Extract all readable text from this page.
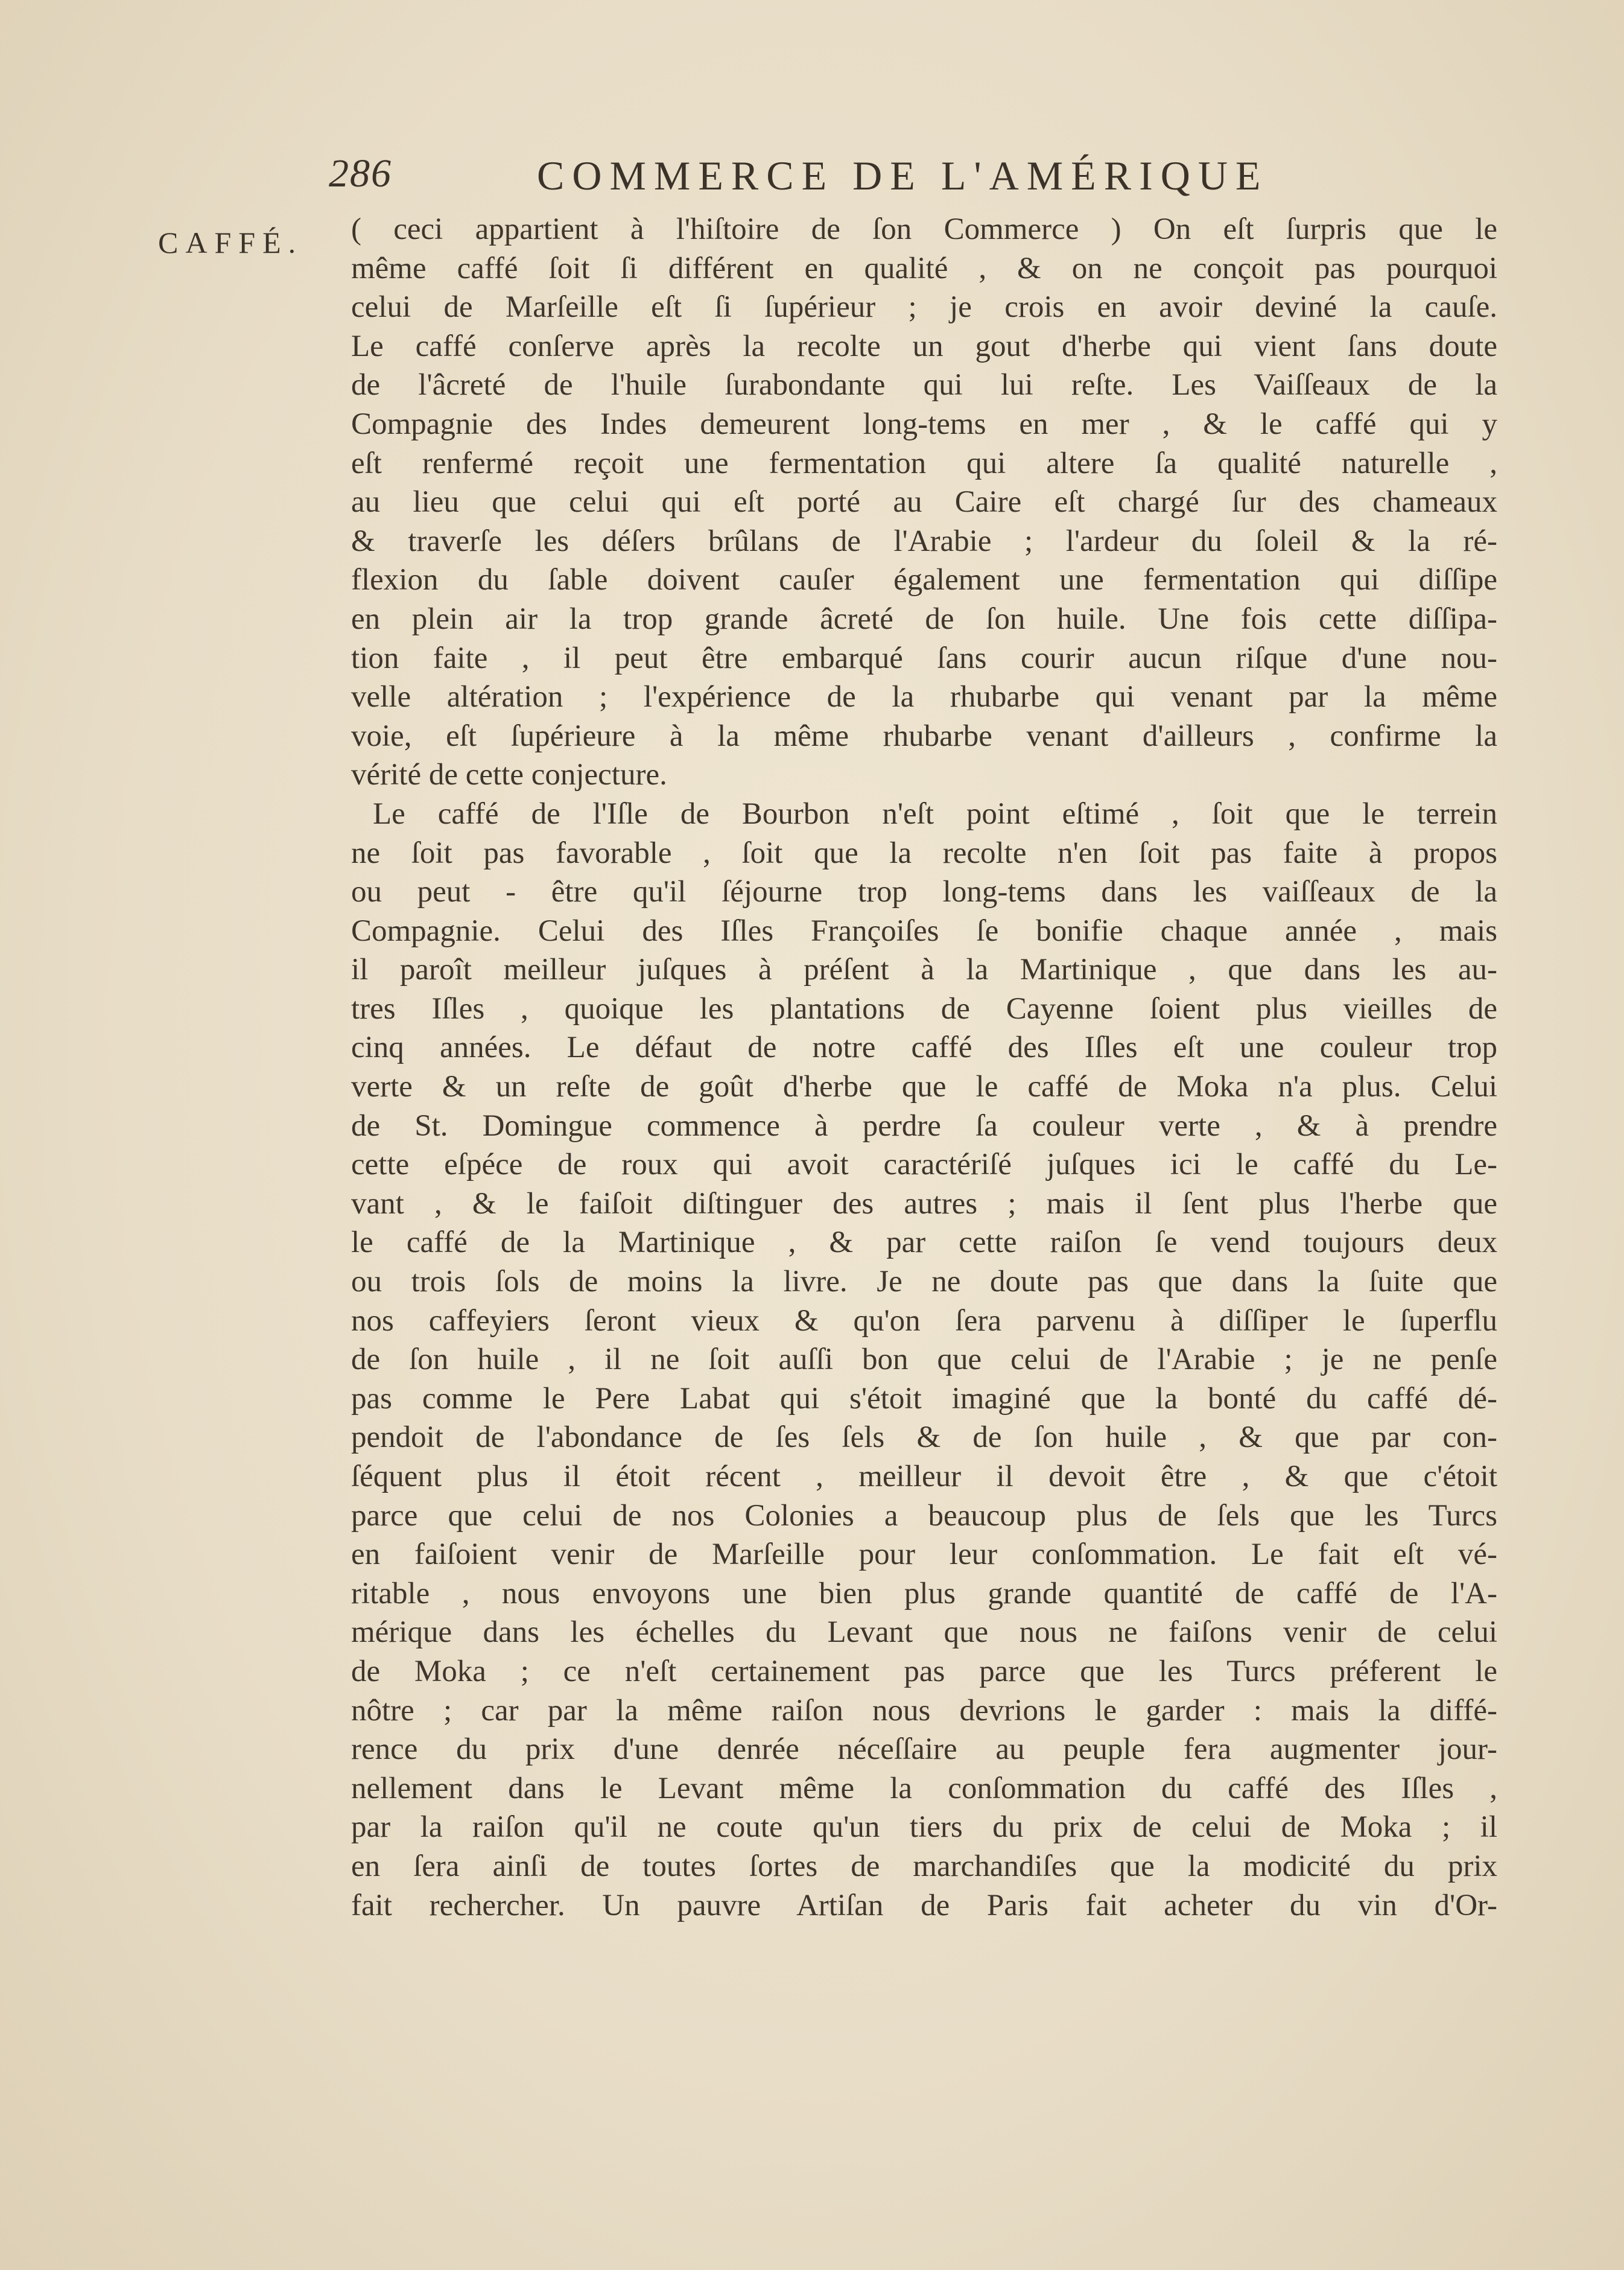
286	COMMERCE DE L'AMÉRIQUE
CAFFÉ. ( ceci appartient à l'hiſtoire de ſon Commerce ) On eſt ſurpris que le
même caffé ſoit ſi différent en qualité , & on ne conçoit pas pourquoi
celui de Marſeille eſt ſi ſupérieur ; je crois en avoir deviné la cauſe.
Le caffé conſerve après la recolte un gout d'herbe qui vient ſans doute
de l'âcreté de l'huile ſurabondante qui lui reſte. Les Vaiſſeaux de la
Compagnie des Indes demeurent long-tems en mer , & le caffé qui y
eſt renfermé reçoit une fermentation qui altere ſa qualité naturelle ,
au lieu que celui qui eſt porté au Caire eſt chargé ſur des chameaux
& traverſe les déſers brûlans de l'Arabie ; l'ardeur du ſoleil & la ré-
flexion du ſable doivent cauſer également une fermentation qui diſſipe
en plein air la trop grande âcreté de ſon huile. Une fois cette diſſipa-
tion faite , il peut être embarqué ſans courir aucun riſque d'une nou-
velle altération ; l'expérience de la rhubarbe qui venant par la même
voie, eſt ſupérieure à la même rhubarbe venant d'ailleurs , confirme la
vérité de cette conjecture.
Le caffé de l'Iſle de Bourbon n'eſt point eſtimé , ſoit que le terrein
ne ſoit pas favorable , ſoit que la recolte n'en ſoit pas faite à propos
ou peut - être qu'il ſéjourne trop long-tems dans les vaiſſeaux de la
Compagnie. Celui des Iſles Françoiſes ſe bonifie chaque année , mais
il paroît meilleur juſques à préſent à la Martinique , que dans les au-
tres Iſles , quoique les plantations de Cayenne ſoient plus vieilles de
cinq années. Le défaut de notre caffé des Iſles eſt une couleur trop
verte & un reſte de goût d'herbe que le caffé de Moka n'a plus. Celui
de St. Domingue commence à perdre ſa couleur verte , & à prendre
cette eſpéce de roux qui avoit caractériſé juſques ici le caffé du Le-
vant , & le faiſoit diſtinguer des autres ; mais il ſent plus l'herbe que
le caffé de la Martinique , & par cette raiſon ſe vend toujours deux
ou trois ſols de moins la livre. Je ne doute pas que dans la ſuite que
nos caffeyiers ſeront vieux & qu'on ſera parvenu à diſſiper le ſuperflu
de ſon huile , il ne ſoit auſſi bon que celui de l'Arabie ; je ne penſe
pas comme le Pere Labat qui s'étoit imaginé que la bonté du caffé dé-
pendoit de l'abondance de ſes ſels & de ſon huile , & que par con-
ſéquent plus il étoit récent , meilleur il devoit être , & que c'étoit
parce que celui de nos Colonies a beaucoup plus de ſels que les Turcs
en faiſoient venir de Marſeille pour leur conſommation. Le fait eſt vé-
ritable , nous envoyons une bien plus grande quantité de caffé de l'A-
mérique dans les échelles du Levant que nous ne faiſons venir de celui
de Moka ; ce n'eſt certainement pas parce que les Turcs préferent le
nôtre ; car par la même raiſon nous devrions le garder : mais la diffé-
rence du prix d'une denrée néceſſaire au peuple fera augmenter jour-
nellement dans le Levant même la conſommation du caffé des Iſles ,
par la raiſon qu'il ne coute qu'un tiers du prix de celui de Moka ; il
en ſera ainſi de toutes ſortes de marchandiſes que la modicité du prix
fait rechercher. Un pauvre Artiſan de Paris fait acheter du vin d'Or-
